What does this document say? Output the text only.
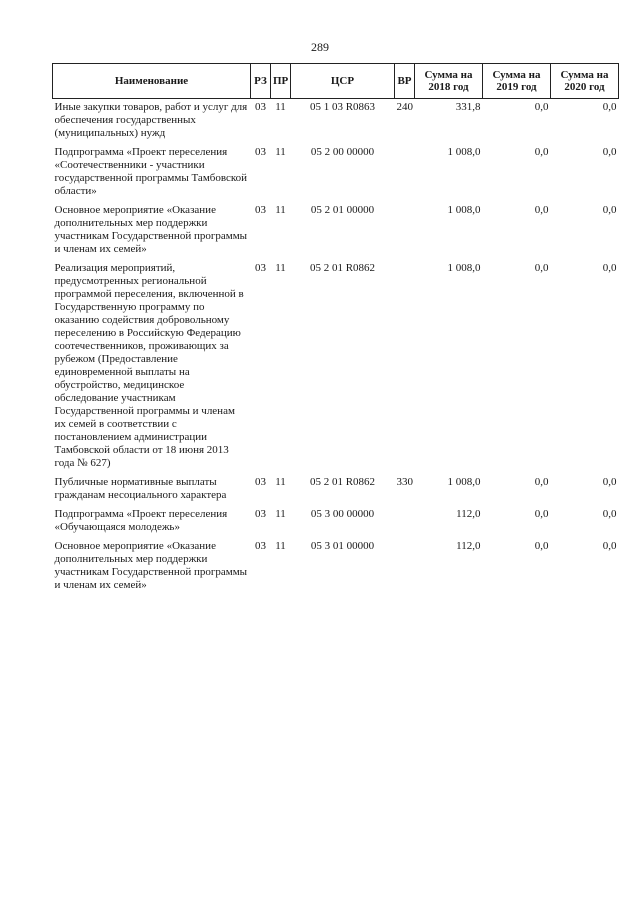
289
Наименование	РЗ	ПР	ЦСР	ВР	Сумма на 2018 год	Сумма на 2019 год	Сумма на 2020 год
Иные закупки товаров, работ и услуг для обеспечения государственных (муниципальных) нужд	03	11	05 1 03 R0863	240	331,8	0,0	0,0
Подпрограмма «Проект переселения «Соотечественники - участники государственной программы Тамбовской области»	03	11	05 2 00 00000		1 008,0	0,0	0,0
Основное мероприятие «Оказание дополнительных мер поддержки участникам Государственной программы и членам их семей»	03	11	05 2 01 00000		1 008,0	0,0	0,0
Реализация мероприятий, предусмотренных региональной программой переселения, включенной в Государственную программу по оказанию содействия добровольному переселению в Российскую Федерацию соотечественников, проживающих за рубежом (Предоставление единовременной выплаты на обустройство, медицинское обследование участникам Государственной программы и членам их семей в соответствии с постановлением администрации Тамбовской области от 18 июня 2013 года № 627)	03	11	05 2 01 R0862		1 008,0	0,0	0,0
Публичные нормативные выплаты гражданам несоциального характера	03	11	05 2 01 R0862	330	1 008,0	0,0	0,0
Подпрограмма «Проект переселения «Обучающаяся молодежь»	03	11	05 3 00 00000		112,0	0,0	0,0
Основное мероприятие «Оказание дополнительных мер поддержки участникам Государственной программы и членам их семей»	03	11	05 3 01 00000		112,0	0,0	0,0
